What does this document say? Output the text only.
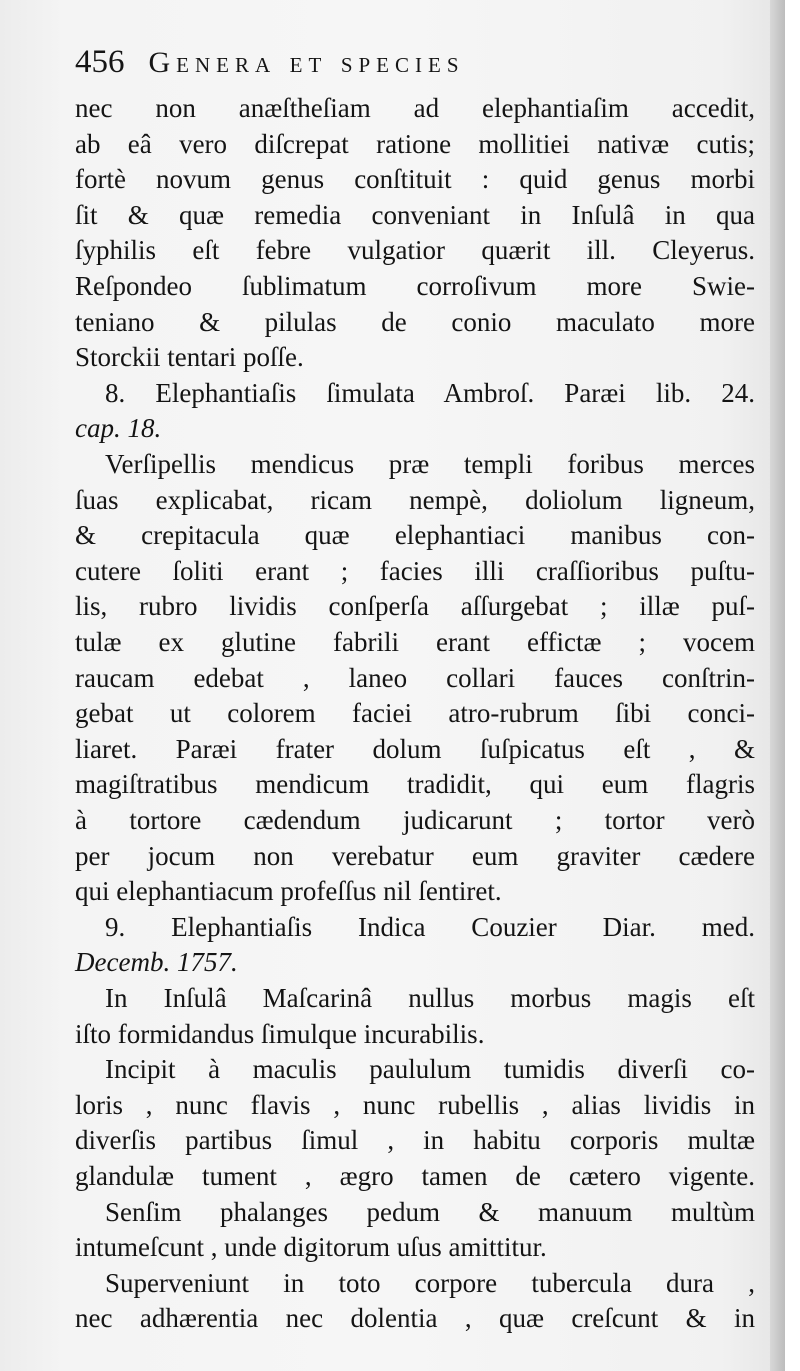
456 Genera et species
nec non anæſtheſiam ad elephantiaſim accedit,
ab eâ vero diſcrepat ratione mollitiei nativæ cutis;
fortè novum genus conſtituit : quid genus morbi
ſit & quæ remedia conveniant in Inſulâ in qua
ſyphilis eſt febre vulgatior quærit ill. Cleyerus.
Reſpondeo ſublimatum corroſivum more Swie-
teniano & pilulas de conio maculato more
Storckii tentari poſſe.
8. Elephantiaſis ſimulata Ambroſ. Paræi lib. 24.
cap. 18.
Verſipellis mendicus præ templi foribus merces
ſuas explicabat, ricam nempè, doliolum ligneum,
& crepitacula quæ elephantiaci manibus con-
cutere ſoliti erant ; facies illi craſſioribus puſtu-
lis, rubro lividis conſperſa aſſurgebat ; illæ puſ-
tulæ ex glutine fabrili erant effictæ ; vocem
raucam edebat , laneo collari fauces conſtrin-
gebat ut colorem faciei atro-rubrum ſibi conci-
liaret. Paræi frater dolum ſuſpicatus eſt , &
magiſtratibus mendicum tradidit, qui eum flagris
à tortore cædendum judicarunt ; tortor verò
per jocum non verebatur eum graviter cædere
qui elephantiacum profeſſus nil ſentiret.
9. Elephantiaſis Indica Couzier Diar. med.
Decemb. 1757.
In Inſulâ Maſcarinâ nullus morbus magis eſt
iſto formidandus ſimulque incurabilis.
Incipit à maculis paululum tumidis diverſi co-
loris , nunc flavis , nunc rubellis , alias lividis in
diverſis partibus ſimul , in habitu corporis multæ
glandulæ tument , ægro tamen de cætero vigente.
Senſim phalanges pedum & manuum multùm
intumeſcunt , unde digitorum uſus amittitur.
Superveniunt in toto corpore tubercula dura ,
nec adhærentia nec dolentia , quæ creſcunt & in
